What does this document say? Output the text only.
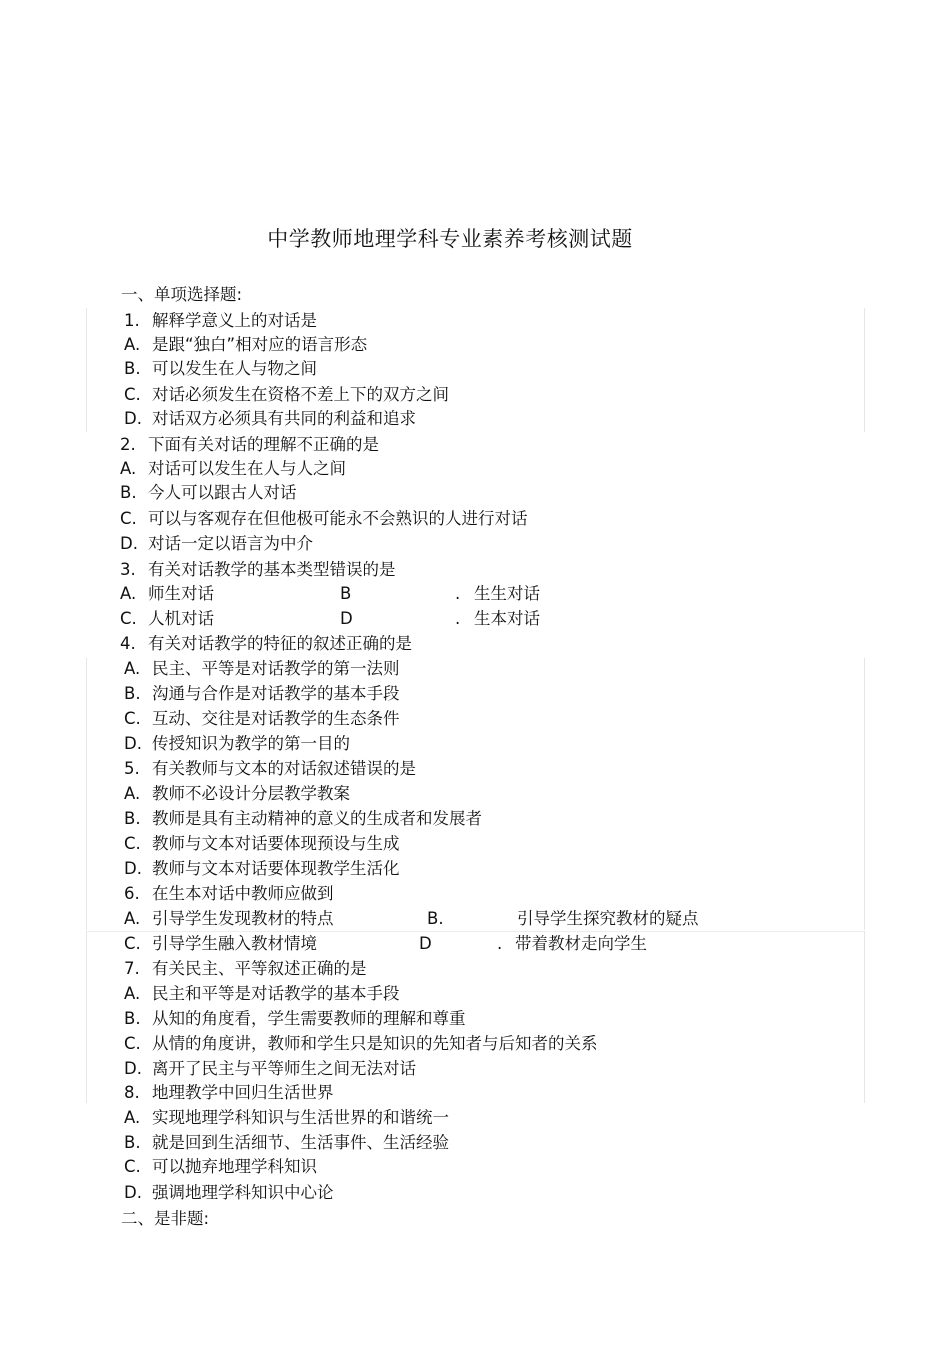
中学教师地理学科专业素养考核测试题
一、单项选择题:
1. 解释学意义上的对话是
A. 是跟“独白”相对应的语言形态
B. 可以发生在人与物之间
C. 对话必须发生在资格不差上下的双方之间
D. 对话双方必须具有共同的利益和追求
2. 下面有关对话的理解不正确的是
A. 对话可以发生在人与人之间
B. 今人可以跟古人对话
C. 可以与客观存在但他极可能永不会熟识的人进行对话
D. 对话一定以语言为中介
3. 有关对话教学的基本类型错误的是
A. 师生对话	B	. 生生对话
C. 人机对话	D	. 生本对话
4. 有关对话教学的特征的叙述正确的是
A. 民主、平等是对话教学的第一法则
B. 沟通与合作是对话教学的基本手段
C. 互动、交往是对话教学的生态条件
D. 传授知识为教学的第一目的
5. 有关教师与文本的对话叙述错误的是
A. 教师不必设计分层教学教案
B. 教师是具有主动精神的意义的生成者和发展者
C. 教师与文本对话要体现预设与生成
D. 教师与文本对话要体现教学生活化
6. 在生本对话中教师应做到
A. 引导学生发现教材的特点	B.	引导学生探究教材的疑点
C. 引导学生融入教材情境	D	. 带着教材走向学生
7. 有关民主、平等叙述正确的是
A. 民主和平等是对话教学的基本手段
B. 从知的角度看，学生需要教师的理解和尊重
C. 从情的角度讲，教师和学生只是知识的先知者与后知者的关系
D. 离开了民主与平等师生之间无法对话
8. 地理教学中回归生活世界
A. 实现地理学科知识与生活世界的和谐统一
B. 就是回到生活细节、生活事件、生活经验
C. 可以抛弃地理学科知识
D. 强调地理学科知识中心论
二、是非题:
